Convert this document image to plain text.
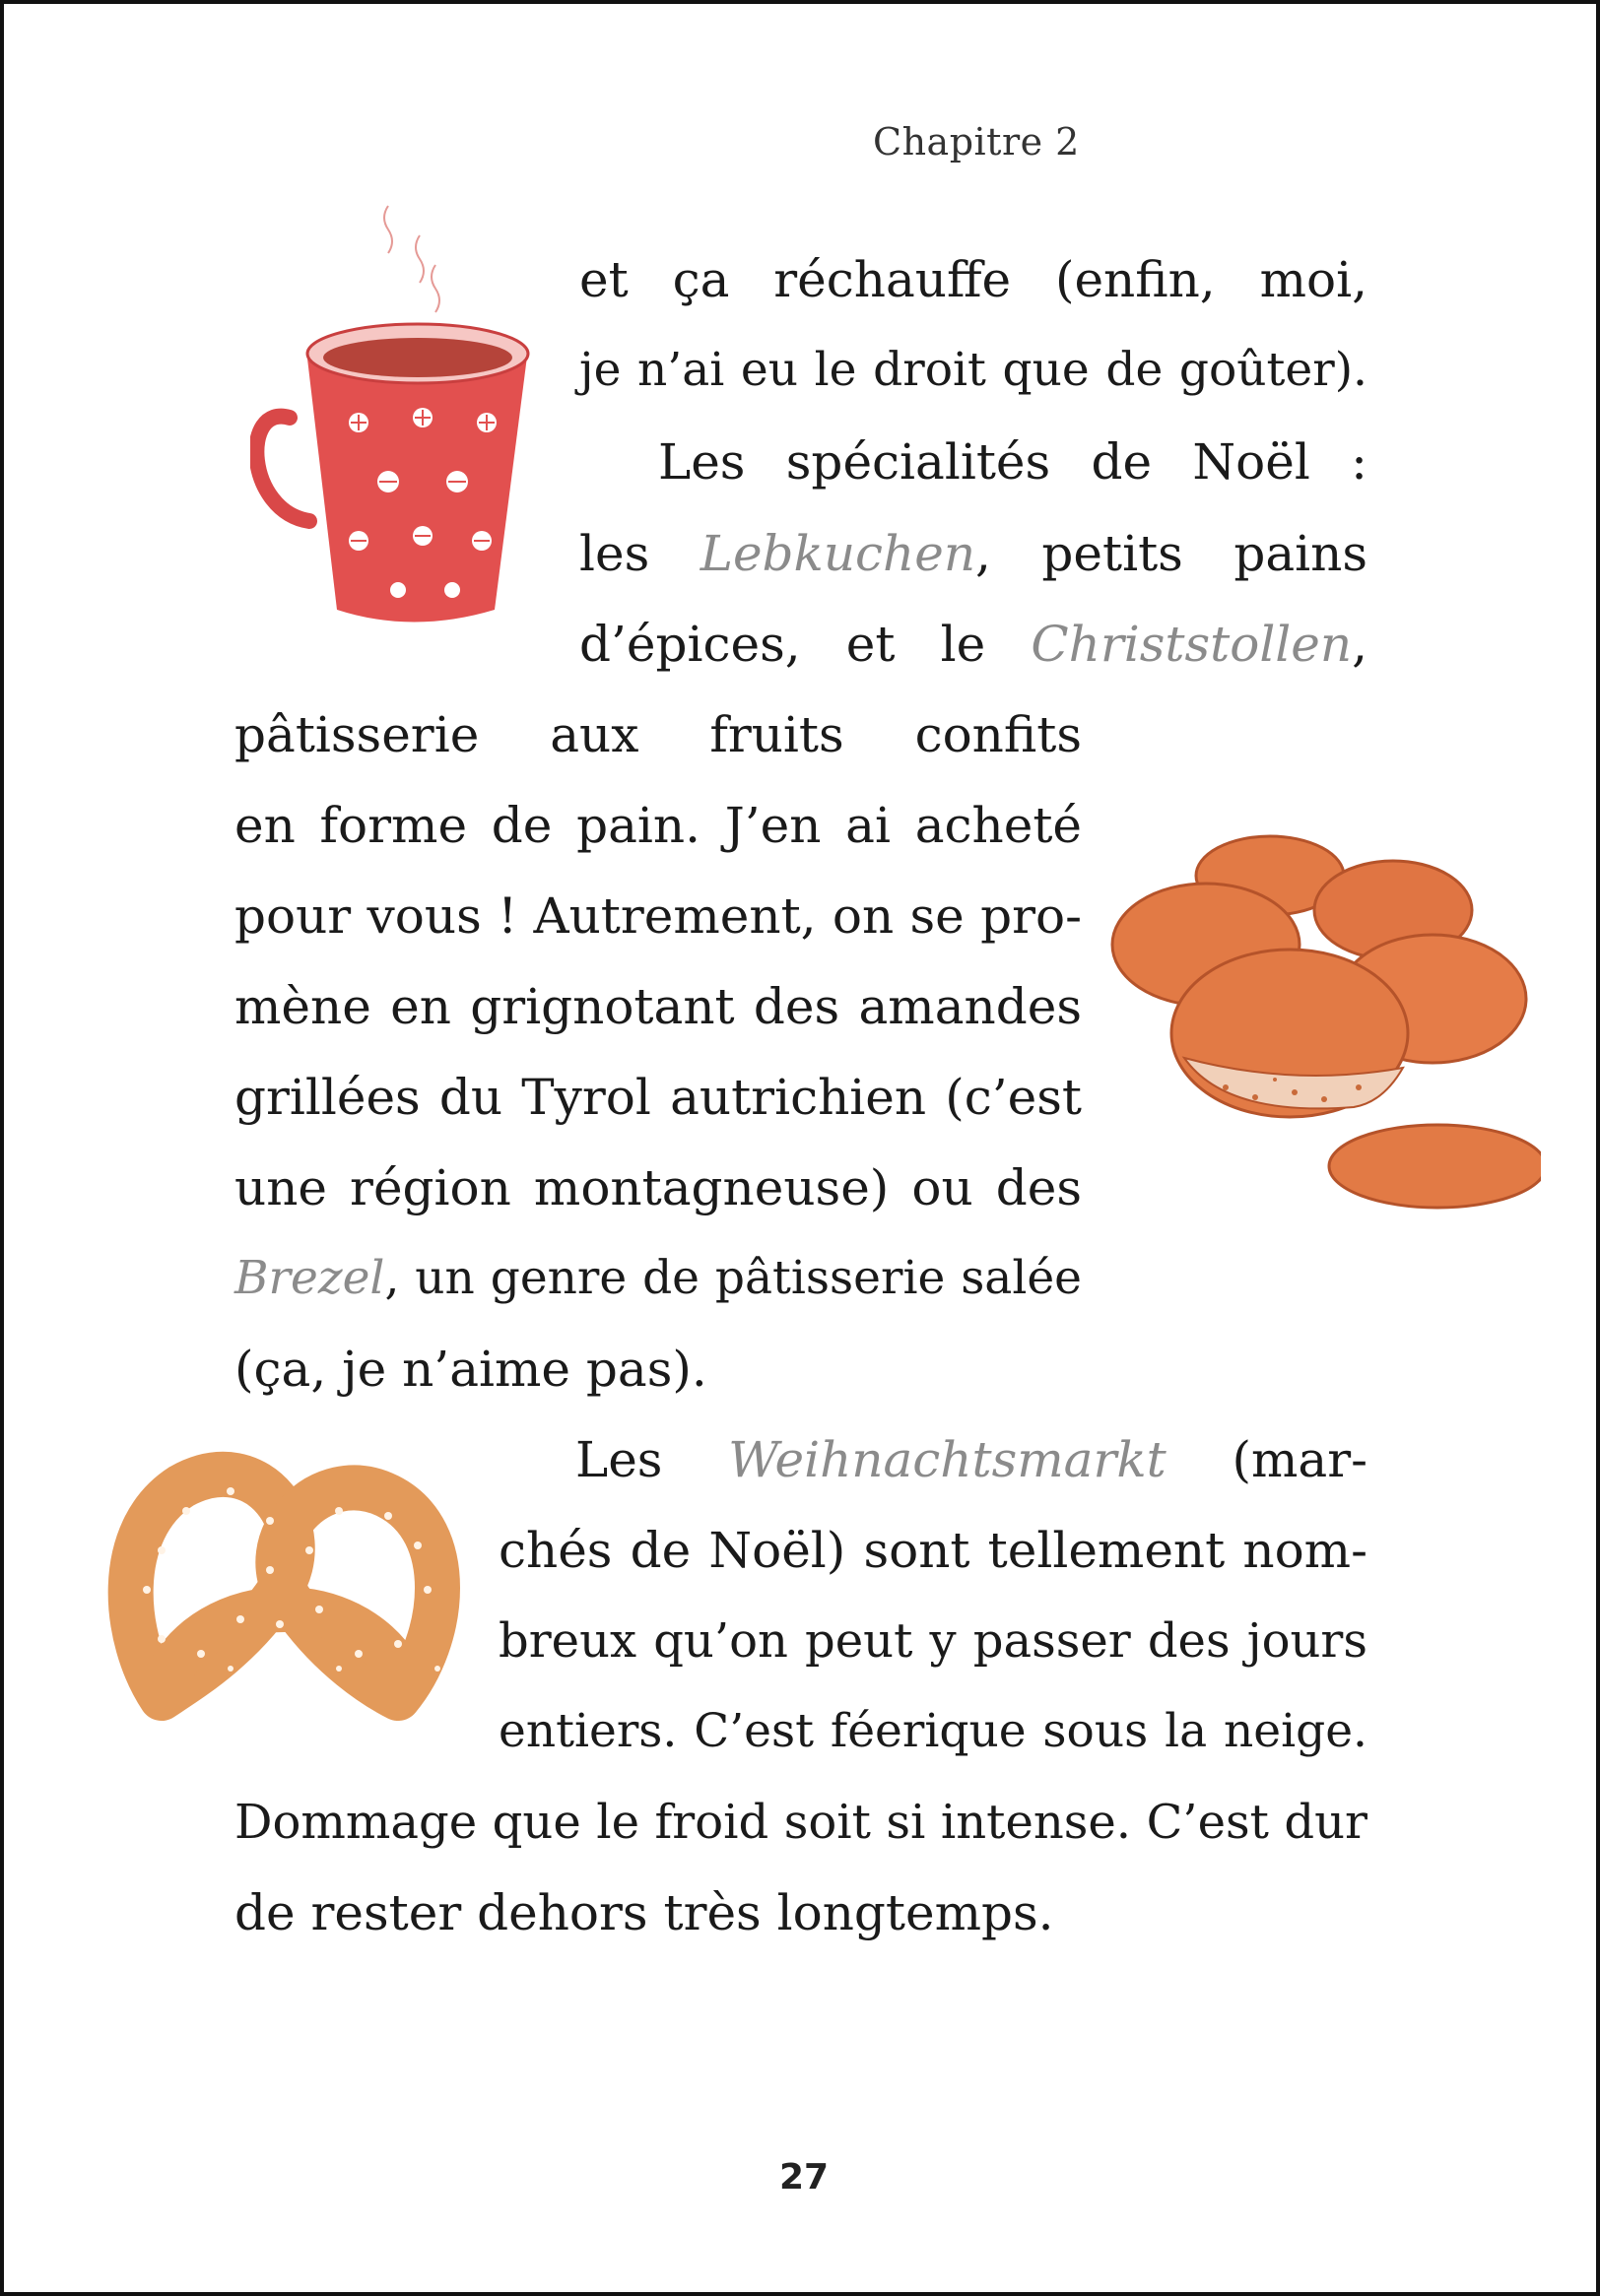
Chapitre 2
et ça réchauffe (enfin, moi,
je n’ai eu le droit que de goûter).
Les spécialités de Noël :
les Lebkuchen, petits pains
d’épices, et le Christstollen,
pâtisserie aux fruits confits
en forme de pain. J’en ai acheté
pour vous ! Autrement, on se pro-
mène en grignotant des amandes
grillées du Tyrol autrichien (c’est
une région montagneuse) ou des
Brezel, un genre de pâtisserie salée
(ça, je n’aime pas).
Les Weihnachtsmarkt (mar-
chés de Noël) sont tellement nom-
breux qu’on peut y passer des jours
entiers. C’est féerique sous la neige.
Dommage que le froid soit si intense. C’est dur
de rester dehors très longtemps.
27
